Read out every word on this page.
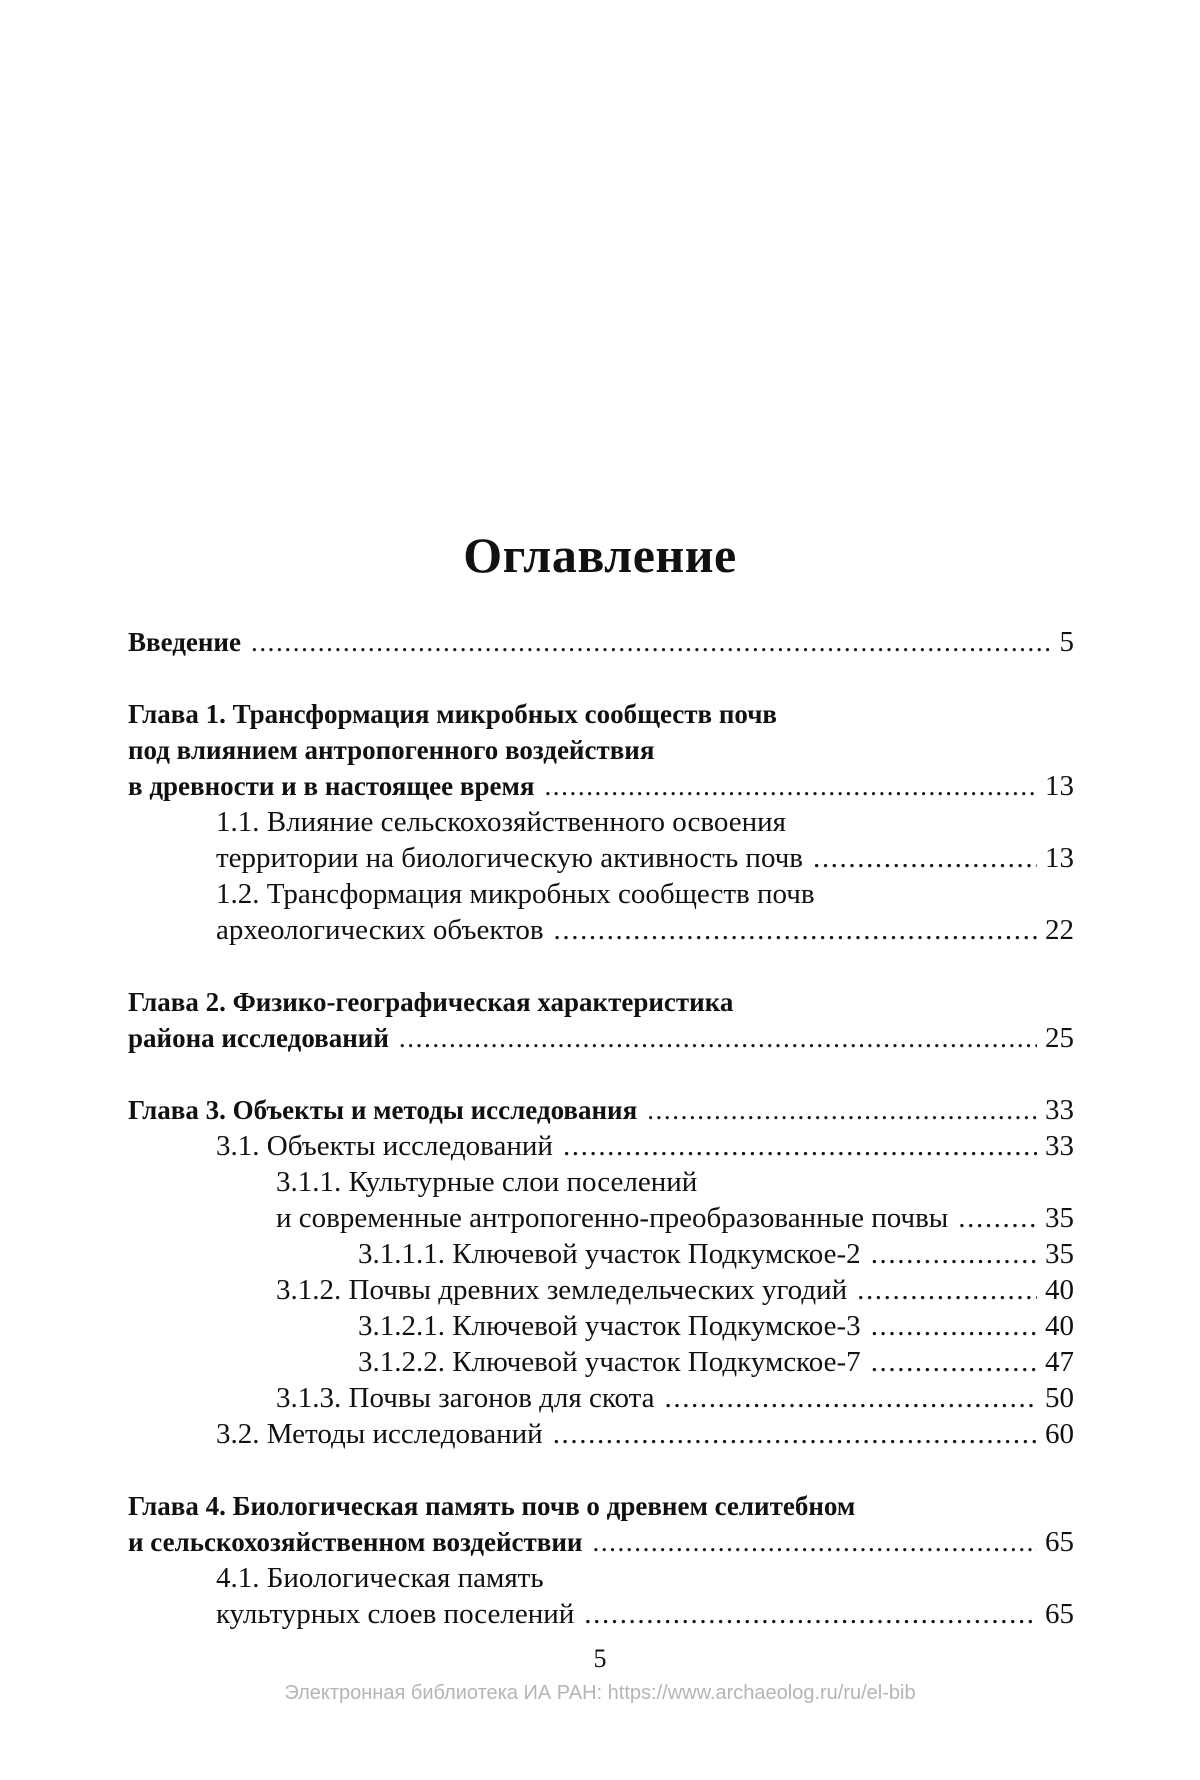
Оглавление
Введение .....	5
Глава 1. Трансформация микробных сообществ почв
под влиянием антропогенного воздействия
в древности и в настоящее время .....	13
1.1. Влияние сельскохозяйственного освоения
территории на биологическую активность почв .....	13
1.2. Трансформация микробных сообществ почв
археологических объектов .....	22
Глава 2. Физико-географическая характеристика
района исследований .....	25
Глава 3. Объекты и методы исследования .....	33
3.1. Объекты исследований .....	33
3.1.1. Культурные слои поселений
и современные антропогенно-преобразованные почвы .....	35
3.1.1.1. Ключевой участок Подкумское-2 .....	35
3.1.2. Почвы древних земледельческих угодий .....	40
3.1.2.1. Ключевой участок Подкумское-3 .....	40
3.1.2.2. Ключевой участок Подкумское-7 .....	47
3.1.3. Почвы загонов для скота .....	50
3.2. Методы исследований .....	60
Глава 4. Биологическая память почв о древнем селитебном
и сельскохозяйственном воздействии .....	65
4.1. Биологическая память
культурных слоев поселений .....	65
5
Электронная библиотека ИА РАН: https://www.archaeolog.ru/ru/el-bib
